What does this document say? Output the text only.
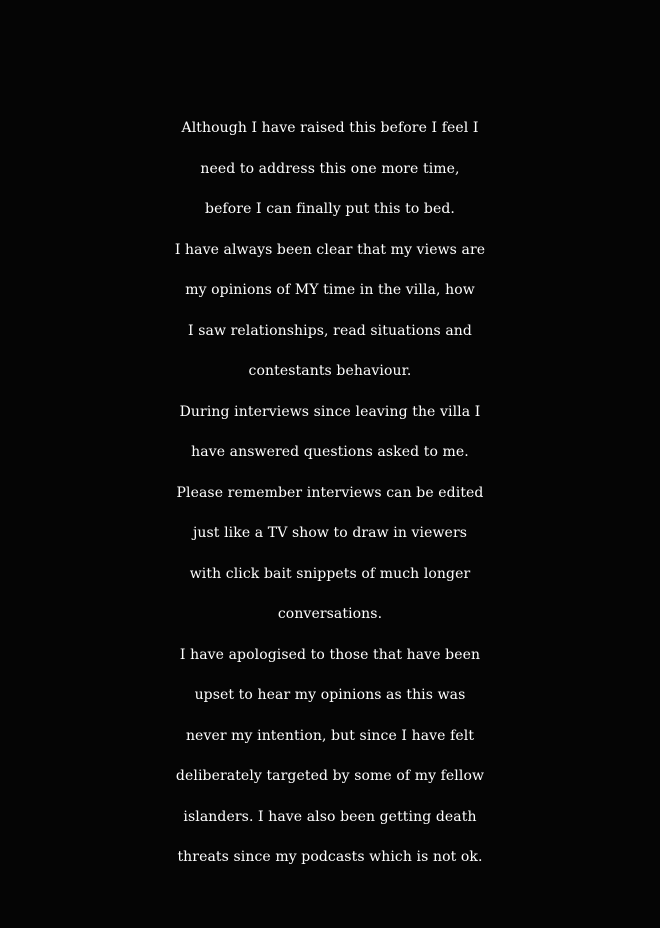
Although I have raised this before I feel I
need to address this one more time,
before I can finally put this to bed.
I have always been clear that my views are
my opinions of MY time in the villa, how
I saw relationships, read situations and
contestants behaviour.
During interviews since leaving the villa I
have answered questions asked to me.
Please remember interviews can be edited
just like a TV show to draw in viewers
with click bait snippets of much longer
conversations.
I have apologised to those that have been
upset to hear my opinions as this was
never my intention, but since I have felt
deliberately targeted by some of my fellow
islanders. I have also been getting death
threats since my podcasts which is not ok.
